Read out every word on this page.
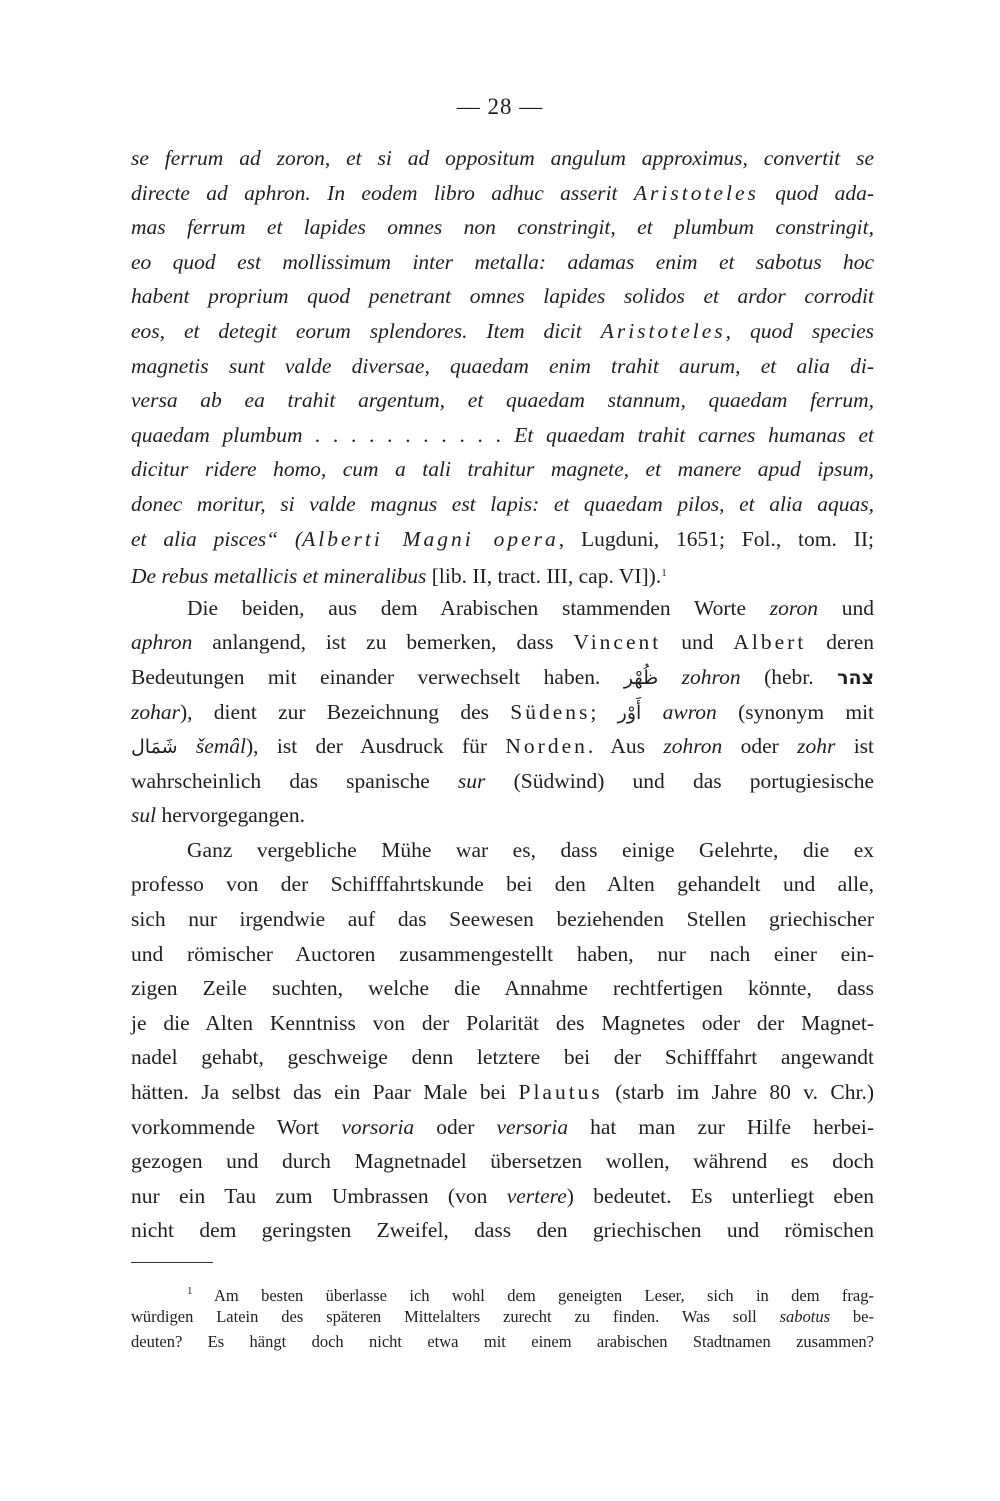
— 28 —
se ferrum ad zoron, et si ad oppositum angulum approximus, convertit se
directe ad aphron. In eodem libro adhuc asserit Aristoteles quod ada-
mas ferrum et lapides omnes non constringit, et plumbum constringit,
eo quod est mollissimum inter metalla: adamas enim et sabotus hoc
habent proprium quod penetrant omnes lapides solidos et ardor corrodit
eos, et detegit eorum splendores. Item dicit Aristoteles, quod species
magnetis sunt valde diversae, quaedam enim trahit aurum, et alia di-
versa ab ea trahit argentum, et quaedam stannum, quaedam ferrum,
quaedam plumbum . . . . . . . . . . . Et quaedam trahit carnes humanas et
dicitur ridere homo, cum a tali trahitur magnete, et manere apud ipsum,
donec moritur, si valde magnus est lapis: et quaedam pilos, et alia aquas,
et alia pisces“ (Alberti Magni opera, Lugduni, 1651; Fol., tom. II;
De rebus metallicis et mineralibus [lib. II, tract. III, cap. VI]).$^1$
Die beiden, aus dem Arabischen stammenden Worte zoron und
aphron anlangend, ist zu bemerken, dass Vincent und Albert deren
Bedeutungen mit einander verwechselt haben. ظُهْر zohron (hebr. צהר
zohar), dient zur Bezeichnung des Südens; أَوْر awron (synonym mit
شَمَال šemâl), ist der Ausdruck für Norden. Aus zohron oder zohr ist
wahrscheinlich das spanische sur (Südwind) und das portugiesische
sul hervorgegangen.
Ganz vergebliche Mühe war es, dass einige Gelehrte, die ex
professo von der Schifffahrtskunde bei den Alten gehandelt und alle,
sich nur irgendwie auf das Seewesen beziehenden Stellen griechischer
und römischer Auctoren zusammengestellt haben, nur nach einer ein-
zigen Zeile suchten, welche die Annahme rechtfertigen könnte, dass
je die Alten Kenntniss von der Polarität des Magnetes oder der Magnet-
nadel gehabt, geschweige denn letztere bei der Schifffahrt angewandt
hätten. Ja selbst das ein Paar Male bei Plautus (starb im Jahre 80 v. Chr.)
vorkommende Wort vorsoria oder versoria hat man zur Hilfe herbei-
gezogen und durch Magnetnadel übersetzen wollen, während es doch
nur ein Tau zum Umbrassen (von vertere) bedeutet. Es unterliegt eben
nicht dem geringsten Zweifel, dass den griechischen und römischen
$^1$ Am besten überlasse ich wohl dem geneigten Leser, sich in dem frag-
würdigen Latein des späteren Mittelalters zurecht zu finden. Was soll sabotus be-
deuten? Es hängt doch nicht etwa mit einem arabischen Stadtnamen zusammen?
